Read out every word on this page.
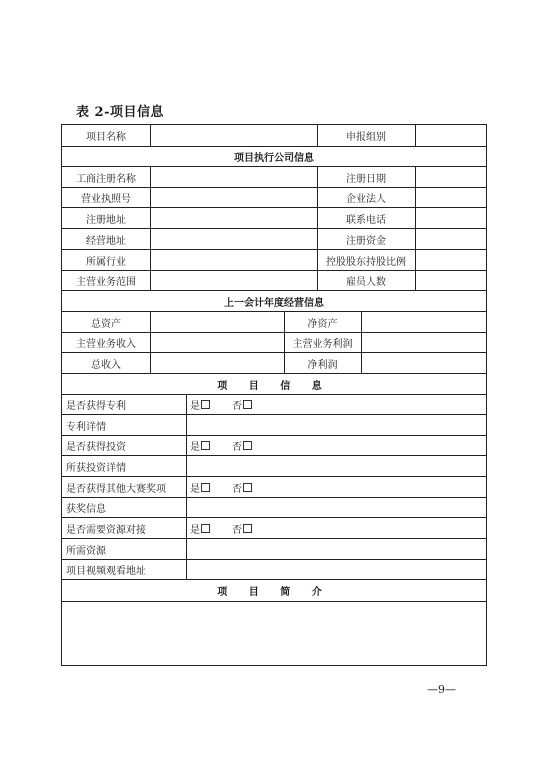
表 2-项目信息
项目名称	申报组别
项目执行公司信息
工商注册名称	注册日期
营业执照号	企业法人
注册地址	联系电话
经营地址	注册资金
所属行业	控股股东持股比例
主营业务范围	雇员人数
上一会计年度经营信息
总资产	净资产
主营业务收入	主营业务利润
总收入	净利润
项 目 信 息
是否获得专利	是	否
专利详情
是否获得投资	是	否
所获投资详情
是否获得其他大赛奖项	是	否
获奖信息
是否需要资源对接	是	否
所需资源
项目视频观看地址
项 目 简 介
—9—
